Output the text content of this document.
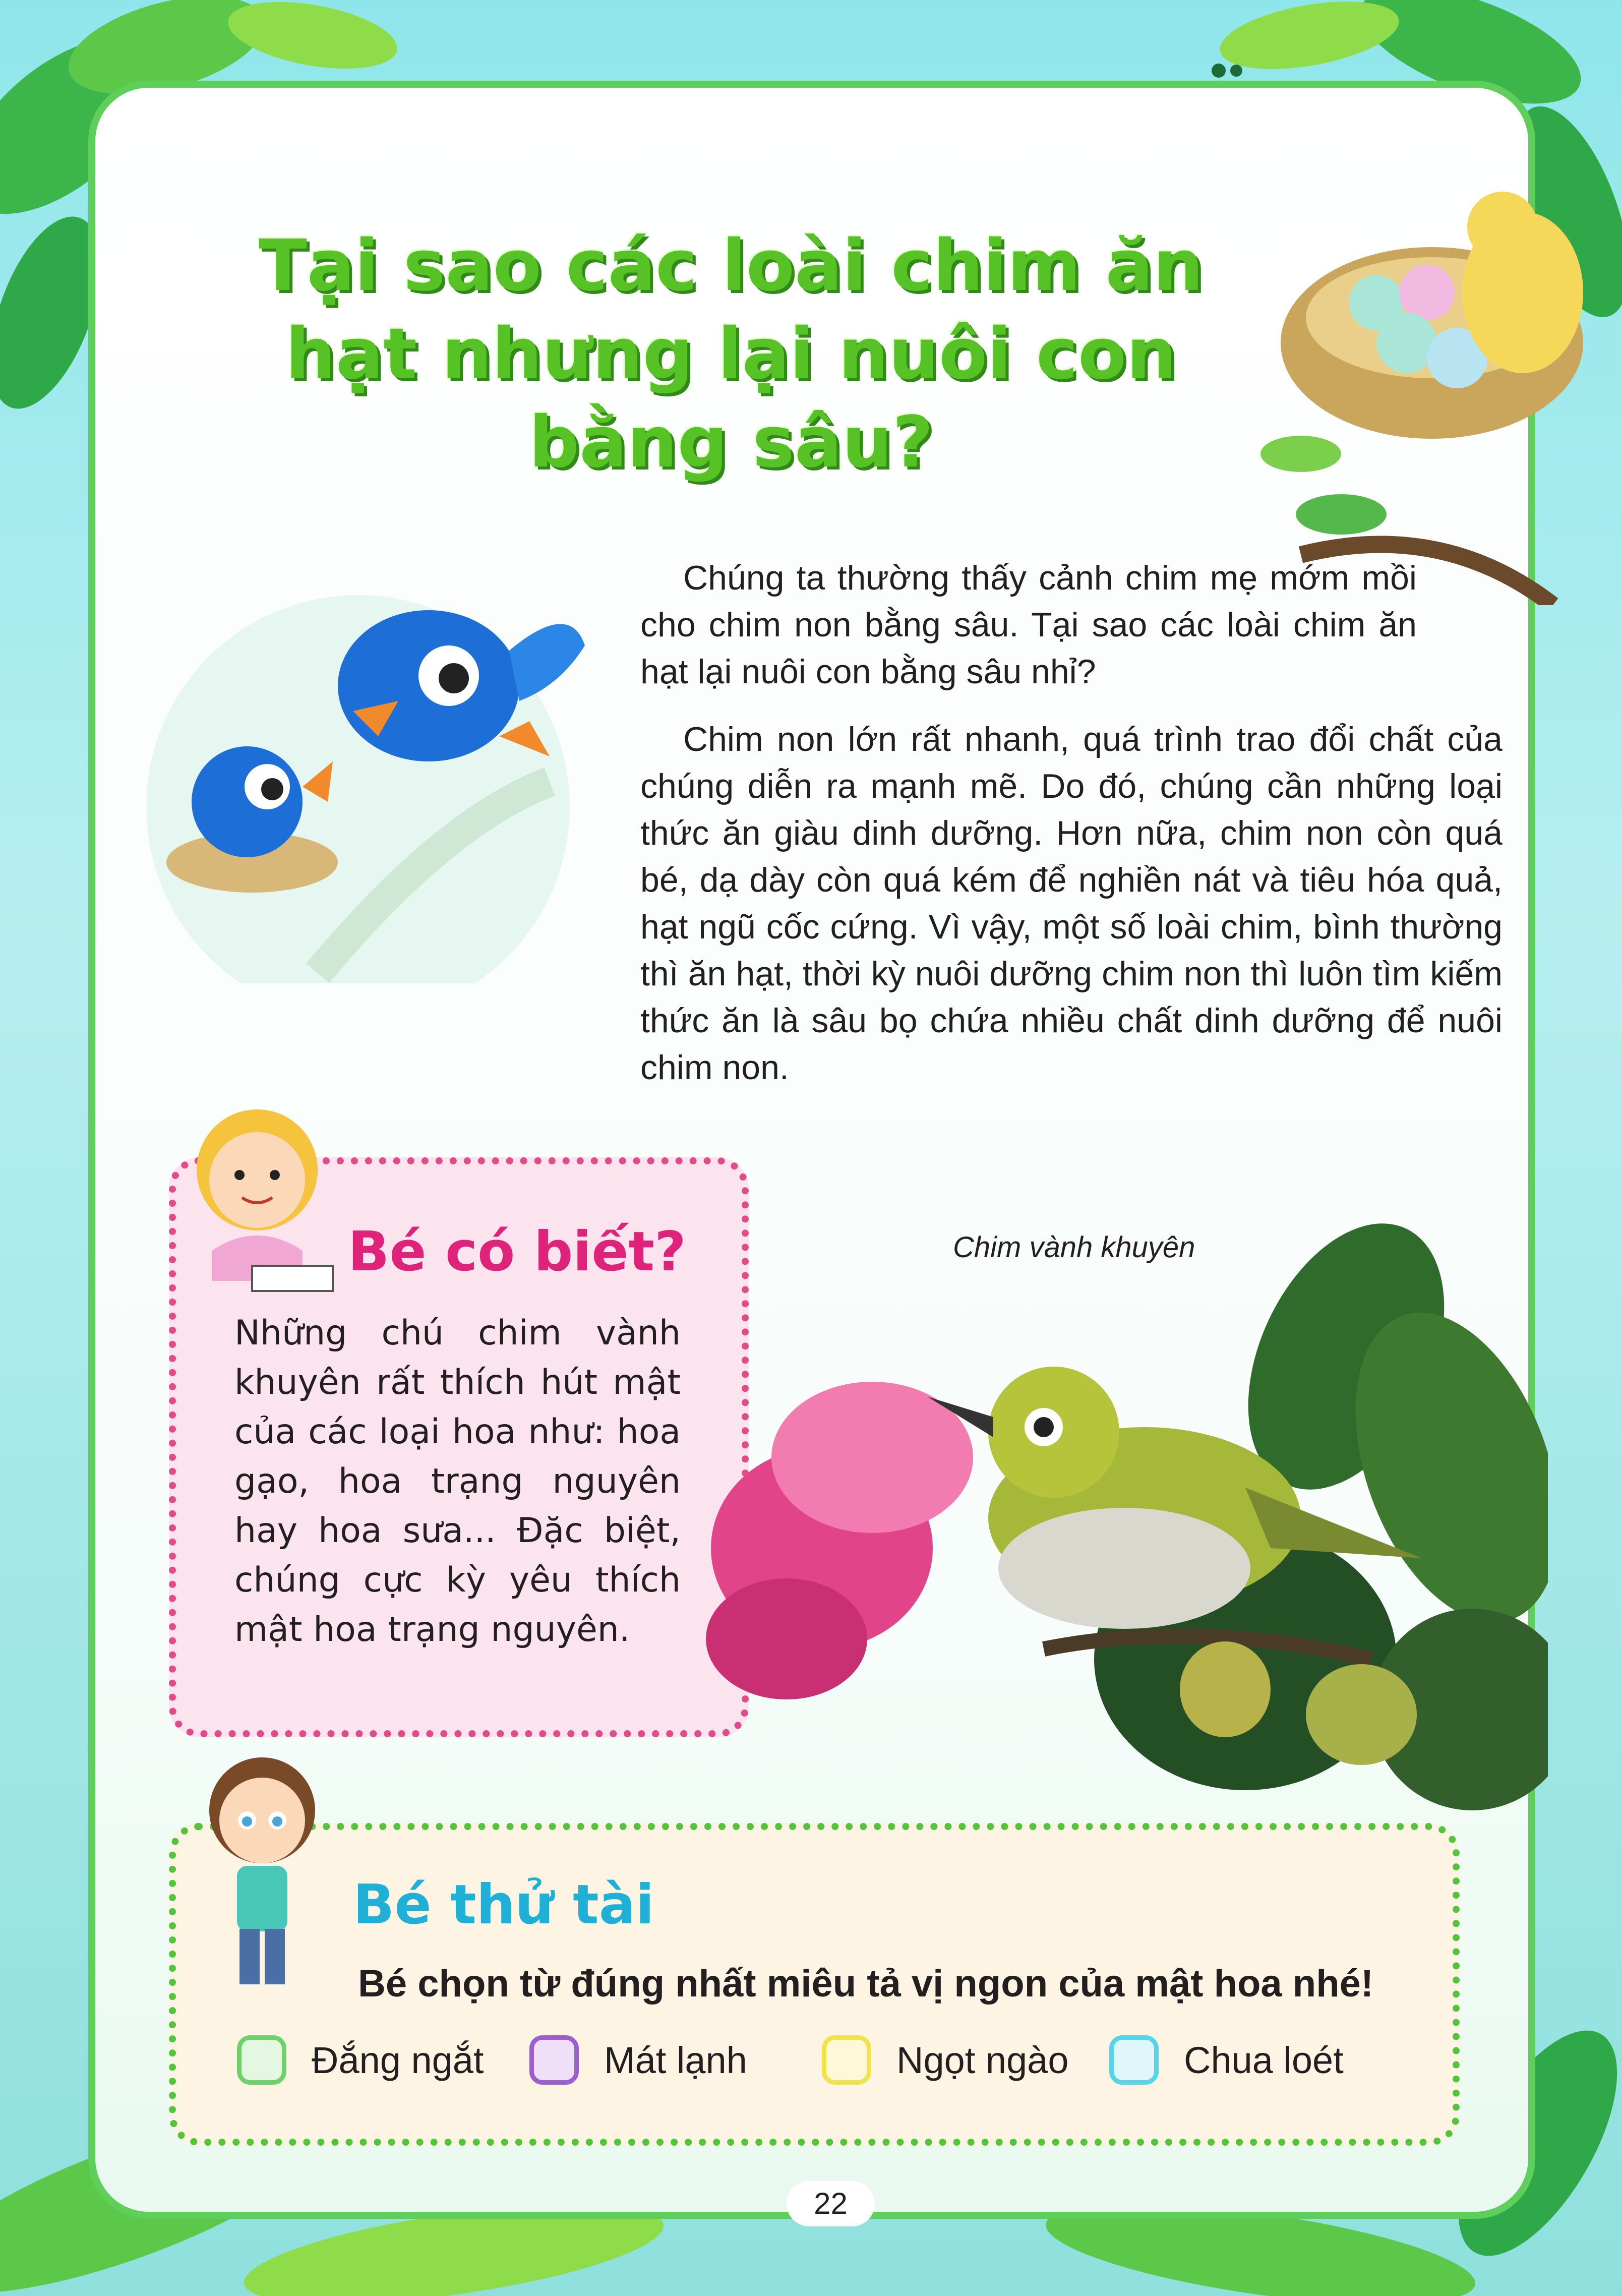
Tại sao các loài chim ăn hạt nhưng lại nuôi con bằng sâu?

Chúng ta thường thấy cảnh chim mẹ mớm mồi cho chim non bằng sâu. Tại sao các loài chim ăn hạt lại nuôi con bằng sâu nhỉ?

Chim non lớn rất nhanh, quá trình trao đổi chất của chúng diễn ra mạnh mẽ. Do đó, chúng cần những loại thức ăn giàu dinh dưỡng. Hơn nữa, chim non còn quá bé, dạ dày còn quá kém để nghiền nát và tiêu hóa quả, hạt ngũ cốc cứng. Vì vậy, một số loài chim, bình thường thì ăn hạt, thời kỳ nuôi dưỡng chim non thì luôn tìm kiếm thức ăn là sâu bọ chứa nhiều chất dinh dưỡng để nuôi chim non.

Bé có biết?

Những chú chim vành khuyên rất thích hút mật của các loại hoa như: hoa gạo, hoa trạng nguyên hay hoa sưa... Đặc biệt, chúng cực kỳ yêu thích mật hoa trạng nguyên.

Chim vành khuyên
Bé thử tài

Bé chọn từ đúng nhất miêu tả vị ngon của mật hoa nhé!

Đắng ngắt	Mát lạnh	Ngọt ngào	Chua loét
22
